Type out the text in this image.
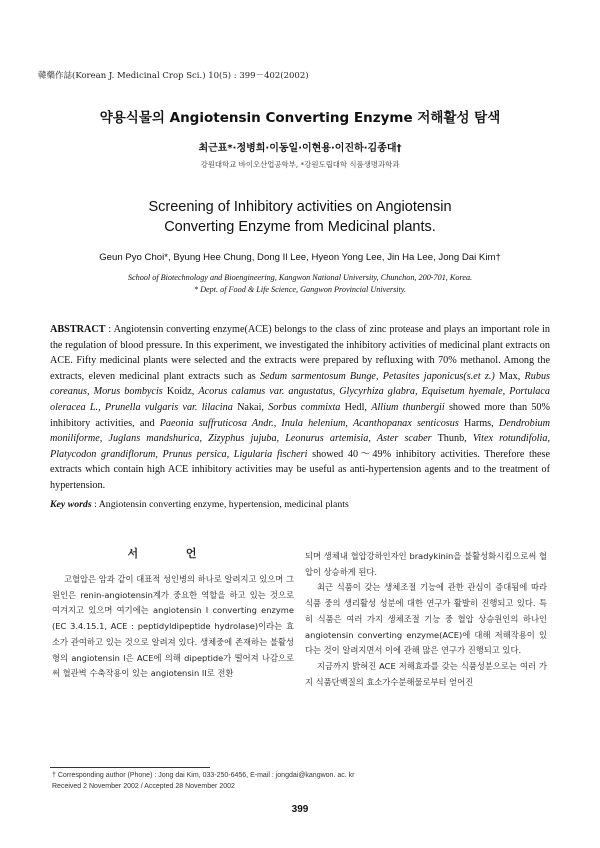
韓藥作誌(Korean J. Medicinal Crop Sci.) 10(5) : 399－402(2002)
약용식물의 Angiotensin Converting Enzyme 저해활성 탐색
최근표*·정병희·이동일·이현용·이진하·김종대†
강원대학교 바이오산업공학부, *강원도립대학 식품생명과학과
Screening of Inhibitory activities on Angiotensin
Converting Enzyme from Medicinal plants.
Geun Pyo Choi*, Byung Hee Chung, Dong Il Lee, Hyeon Yong Lee, Jin Ha Lee, Jong Dai Kim†
School of Biotechnology and Bioengineering, Kangwon National University, Chunchon, 200-701, Korea.
* Dept. of Food & Life Science, Gangwon Provincial University.
ABSTRACT : Angiotensin converting enzyme(ACE) belongs to the class of zinc protease and plays an important role in the regulation of blood pressure. In this experiment, we investigated the inhibitory activities of medicinal plant extracts on ACE. Fifty medicinal plants were selected and the extracts were prepared by refluxing with 70% methanol. Among the extracts, eleven medicinal plant extracts such as Sedum sarmentosum Bunge, Petasites japonicus(s.et z.) Max, Rubus coreanus, Morus bombycis Koidz, Acorus calamus var. angustatus, Glycyrhiza glabra, Equisetum hyemale, Portulaca oleracea L., Prunella vulgaris var. lilacina Nakai, Sorbus commixta Hedl, Allium thunbergii showed more than 50% inhibitory activities, and Paeonia suffruticosa Andr., Inula helenium, Acanthopanax senticosus Harms, Dendrobium moniliforme, Juglans mandshurica, Zizyphus jujuba, Leonurus artemisia, Aster scaber Thunb, Vitex rotundifolia, Platycodon grandiflorum, Prunus persica, Ligularia fischeri showed 40～49% inhibitory activities. Therefore these extracts which contain high ACE inhibitory activities may be useful as anti-hypertension agents and to the treatment of hypertension.
Key words : Angiotensin converting enzyme, hypertension, medicinal plants
서 언

고혈압은 암과 같이 대표적 성인병의 하나로 알려지고 있으며 그 원인은 renin-angiotensin계가 중요한 역할을 하고 있는 것으로 여겨지고 있으며 여기에는 angiotensin I converting enzyme (EC 3.4.15.1, ACE : peptidyldipeptide hydrolase)이라는 효소가 관여하고 있는 것으로 알려져 있다. 생체중에 존재하는 불활성형의 angiotensin I은 ACE에 의해 dipeptide가 떨어져 나감으로써 혈관벽 수축작용이 있는 angiotensin II로 전환

되며 생체내 혈압강하인자인 bradykinin을 불활성화시킴으로써 혈압이 상승하게 된다.

최근 식품이 갖는 생체조절 기능에 관한 관심이 증대됨에 따라 식품 중의 생리활성 성분에 대한 연구가 활발히 진행되고 있다. 특히 식품은 여러 가지 생체조절 기능 중 혈압 상승원인의 하나인 angiotensin converting enzyme(ACE)에 대해 저해작용이 있다는 것이 알려지면서 이에 관해 많은 연구가 진행되고 있다.

지금까지 밝혀진 ACE 저해효과를 갖는 식품성분으로는 여러 가지 식품단백질의 효소가수분해물로부터 얻어진

† Corresponding author (Phone) : Jong dai Kim, 033-250-6456, E-mail : jongdai@kangwon. ac. kr
Received 2 November 2002 / Accepted 28 November 2002
399
